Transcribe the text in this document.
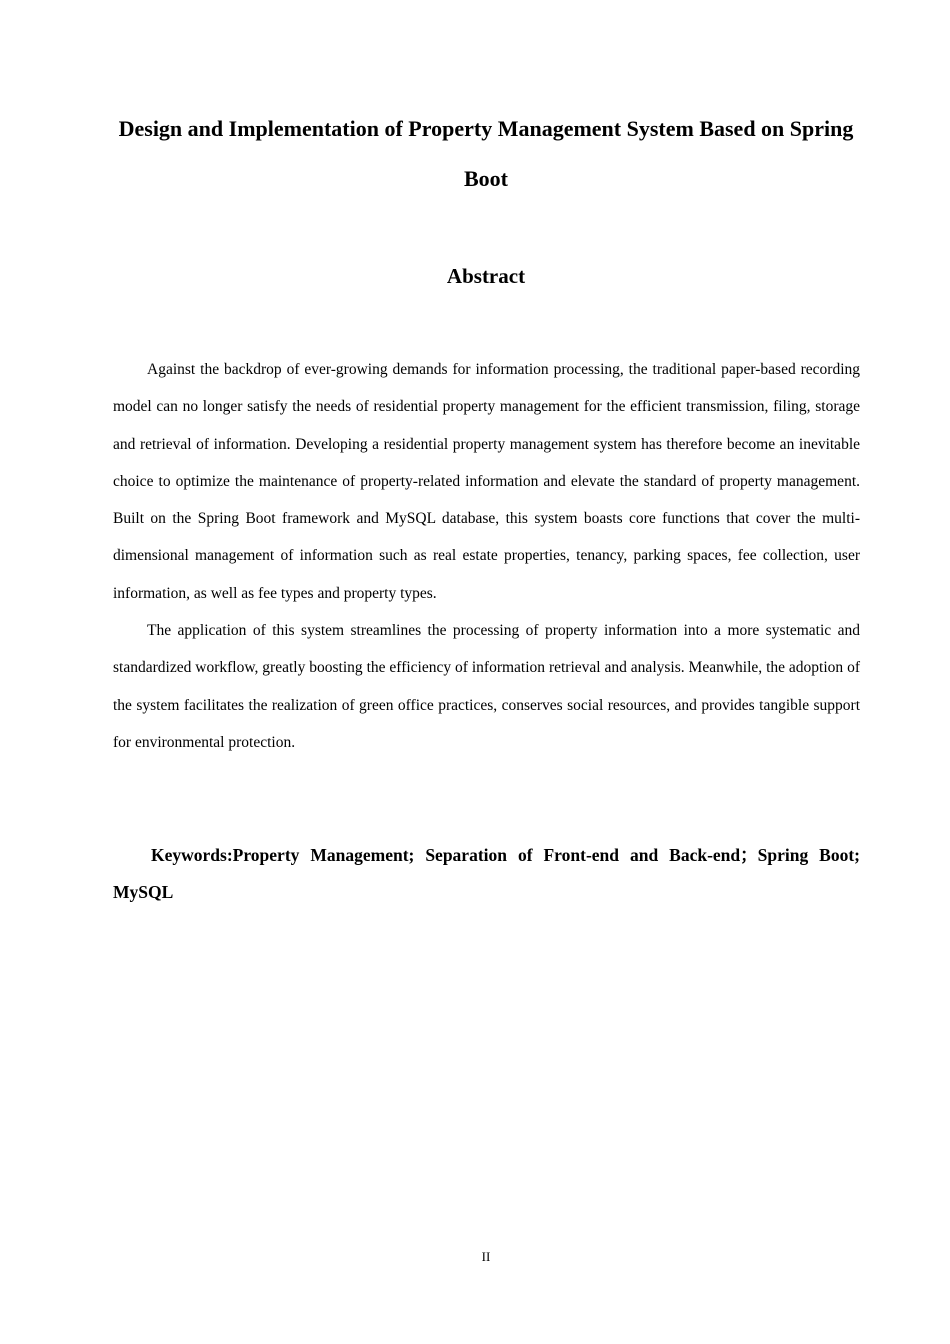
Design and Implementation of Property Management System Based on Spring Boot
Abstract

Against the backdrop of ever-growing demands for information processing, the traditional paper-based recording model can no longer satisfy the needs of residential property management for the efficient transmission, filing, storage and retrieval of information. Developing a residential property management system has therefore become an inevitable choice to optimize the maintenance of property-related information and elevate the standard of property management. Built on the Spring Boot framework and MySQL database, this system boasts core functions that cover the multi-dimensional management of information such as real estate properties, tenancy, parking spaces, fee collection, user information, as well as fee types and property types.

The application of this system streamlines the processing of property information into a more systematic and standardized workflow, greatly boosting the efficiency of information retrieval and analysis. Meanwhile, the adoption of the system facilitates the realization of green office practices, conserves social resources, and provides tangible support for environmental protection.

Keywords:Property Management; Separation of Front-end and Back-end；Spring Boot; MySQL

II
